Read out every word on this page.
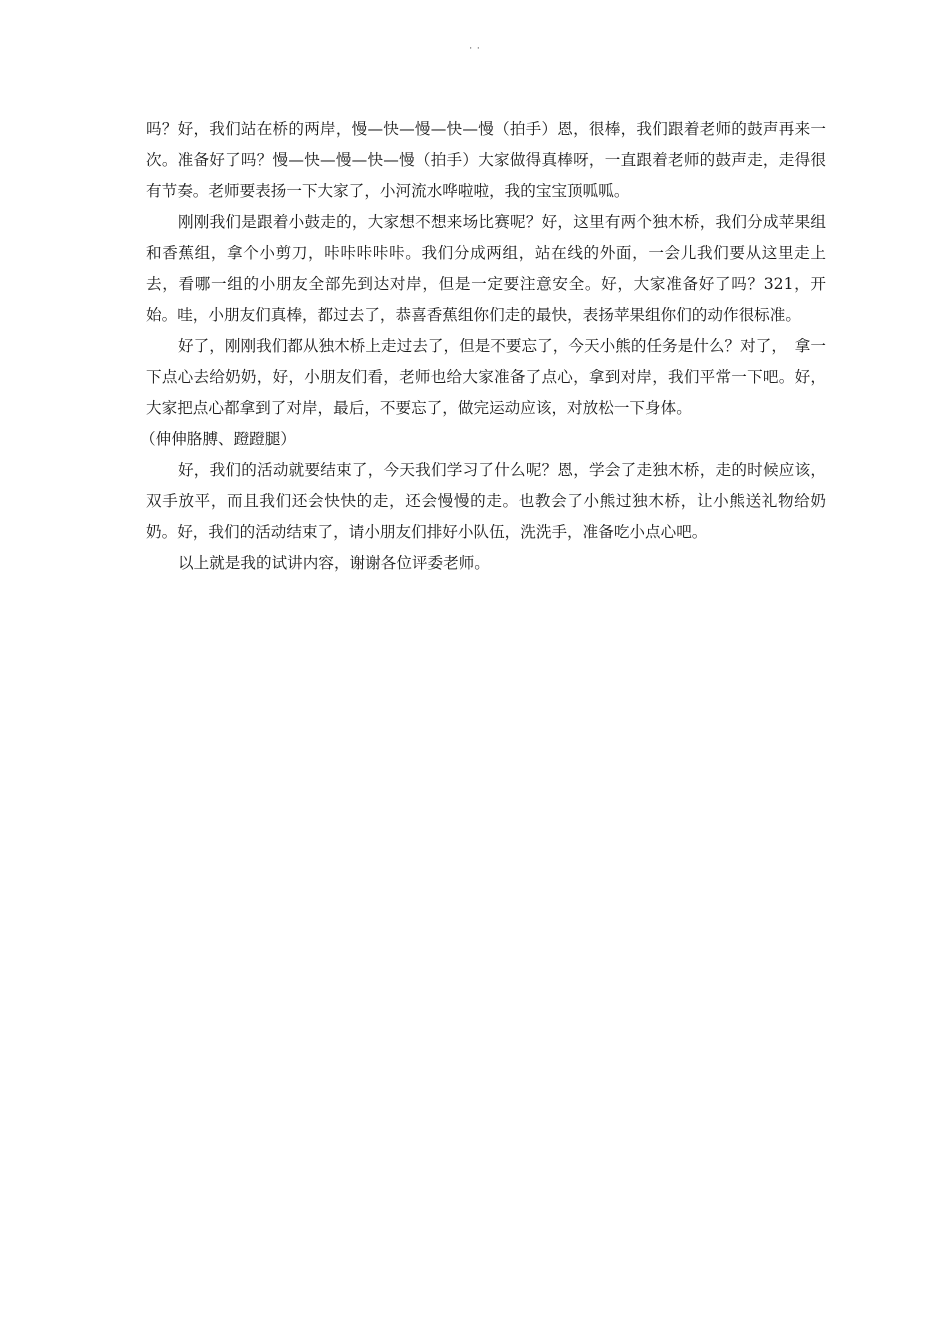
· ·

吗？好，我们站在桥的两岸，慢—快—慢—快—慢（拍手）恩，很棒，我们跟着老师的鼓声再来一次。准备好了吗？慢—快—慢—快—慢（拍手）大家做得真棒呀，一直跟着老师的鼓声走，走得很有节奏。老师要表扬一下大家了，小河流水哗啦啦，我的宝宝顶呱呱。

刚刚我们是跟着小鼓走的，大家想不想来场比赛呢？好，这里有两个独木桥，我们分成苹果组和香蕉组，拿个小剪刀，咔咔咔咔咔。我们分成两组，站在线的外面，一会儿我们要从这里走上去，看哪一组的小朋友全部先到达对岸，但是一定要注意安全。好，大家准备好了吗？321，开始。哇，小朋友们真棒，都过去了，恭喜香蕉组你们走的最快，表扬苹果组你们的动作很标准。

好了，刚刚我们都从独木桥上走过去了，但是不要忘了，今天小熊的任务是什么？对了，　拿一下点心去给奶奶，好，小朋友们看，老师也给大家准备了点心，拿到对岸，我们平常一下吧。好，大家把点心都拿到了对岸，最后，不要忘了，做完运动应该，对放松一下身体。

（伸伸胳膊、蹬蹬腿）

好，我们的活动就要结束了，今天我们学习了什么呢？恩，学会了走独木桥，走的时候应该，双手放平，而且我们还会快快的走，还会慢慢的走。也教会了小熊过独木桥，让小熊送礼物给奶奶。好，我们的活动结束了，请小朋友们排好小队伍，洗洗手，准备吃小点心吧。

以上就是我的试讲内容，谢谢各位评委老师。
